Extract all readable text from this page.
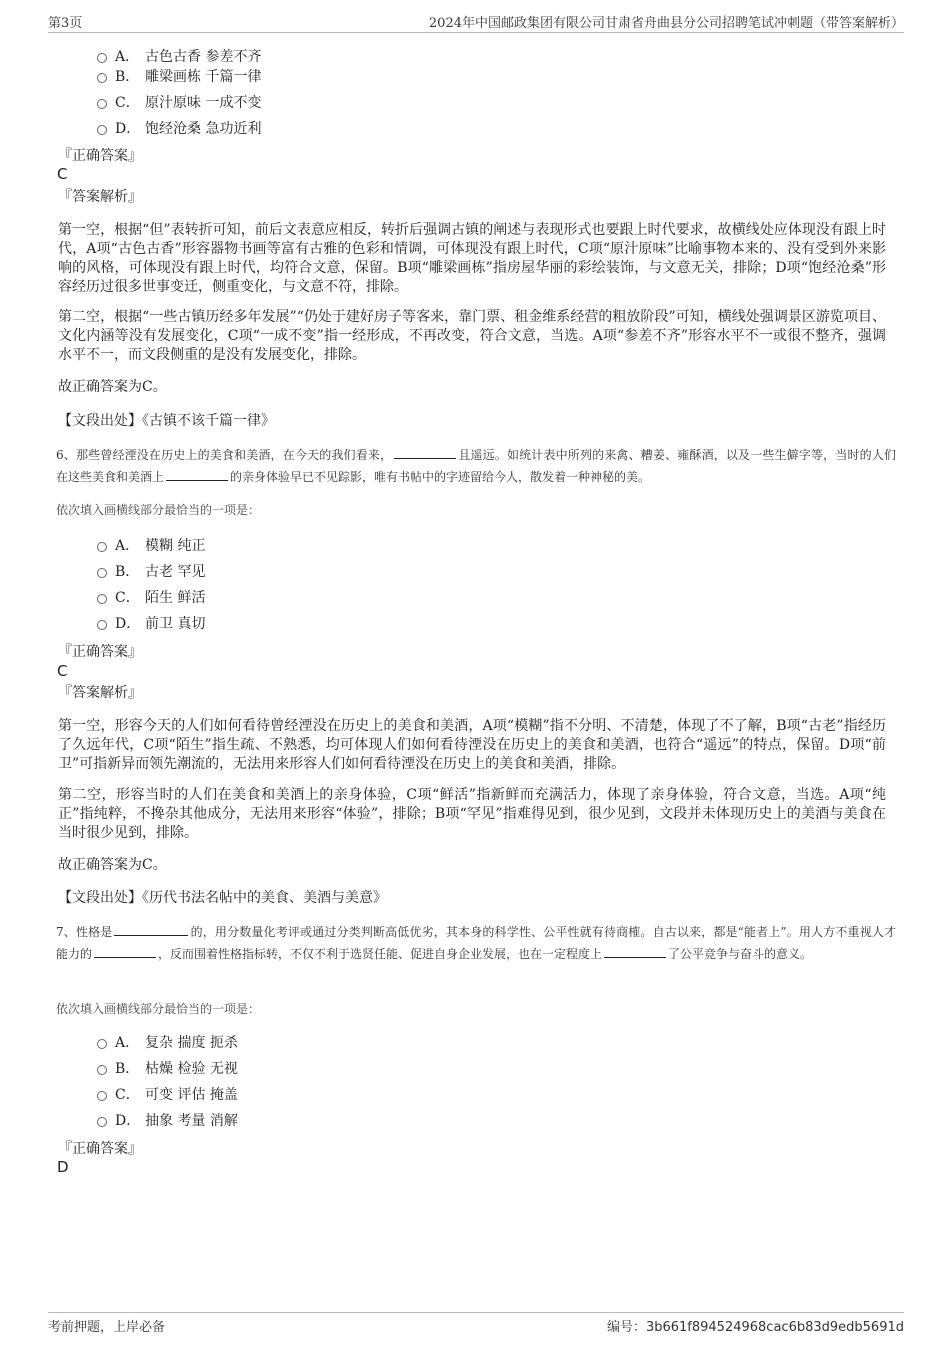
第3页	2024年中国邮政集团有限公司甘肃省舟曲县分公司招聘笔试冲刺题（带答案解析）
A． 古色古香 参差不齐
B． 雕梁画栋 千篇一律
C． 原汁原味 一成不变
D． 饱经沧桑 急功近利
『正确答案』
C
『答案解析』
第一空，根据“但”表转折可知，前后文表意应相反，转折后强调古镇的阐述与表现形式也要跟上时代要求，故横线处应体现没有跟上时代，A项“古色古香”形容器物书画等富有古雅的色彩和情调，可体现没有跟上时代，C项“原汁原味”比喻事物本来的、没有受到外来影响的风格，可体现没有跟上时代，均符合文意，保留。B项“雕梁画栋”指房屋华丽的彩绘装饰，与文意无关，排除；D项“饱经沧桑”形容经历过很多世事变迁，侧重变化，与文意不符，排除。
第二空，根据“一些古镇历经多年发展”“仍处于建好房子等客来，靠门票、租金维系经营的粗放阶段”可知，横线处强调景区游览项目、文化内涵等没有发展变化，C项“一成不变”指一经形成，不再改变，符合文意，当选。A项“参差不齐”形容水平不一或很不整齐，强调水平不一，而文段侧重的是没有发展变化，排除。
故正确答案为C。
【文段出处】《古镇不该千篇一律》
6、那些曾经湮没在历史上的美食和美酒，在今天的我们看来，	且遥远。如统计表中所列的来禽、糟姜、雍酥酒，以及一些生僻字等，当时的人们在这些美食和美酒上	的亲身体验早已不见踪影，唯有书帖中的字迹留给今人，散发着一种神秘的美。
依次填入画横线部分最恰当的一项是：
A． 模糊 纯正
B． 古老 罕见
C． 陌生 鲜活
D． 前卫 真切
『正确答案』
C
『答案解析』
第一空，形容今天的人们如何看待曾经湮没在历史上的美食和美酒，A项“模糊”指不分明、不清楚，体现了不了解，B项“古老”指经历了久远年代，C项“陌生”指生疏、不熟悉，均可体现人们如何看待湮没在历史上的美食和美酒，也符合“遥远”的特点，保留。D项“前卫”可指新异而领先潮流的，无法用来形容人们如何看待湮没在历史上的美食和美酒，排除。
第二空，形容当时的人们在美食和美酒上的亲身体验，C项“鲜活”指新鲜而充满活力，体现了亲身体验，符合文意，当选。A项“纯正”指纯粹，不搀杂其他成分，无法用来形容“体验”，排除；B项“罕见”指难得见到，很少见到，文段并未体现历史上的美酒与美食在当时很少见到，排除。
故正确答案为C。
【文段出处】《历代书法名帖中的美食、美酒与美意》
7、性格是	的，用分数量化考评或通过分类判断高低优劣，其本身的科学性、公平性就有待商榷。自古以来，都是“能者上”。用人方不重视人才能力的	，反而围着性格指标转，不仅不利于选贤任能、促进自身企业发展，也在一定程度上	了公平竞争与奋斗的意义。
依次填入画横线部分最恰当的一项是：
A． 复杂 揣度 扼杀
B． 枯燥 检验 无视
C． 可变 评估 掩盖
D． 抽象 考量 消解
『正确答案』
D
考前押题，上岸必备	编号：3b661f894524968cac6b83d9edb5691d
